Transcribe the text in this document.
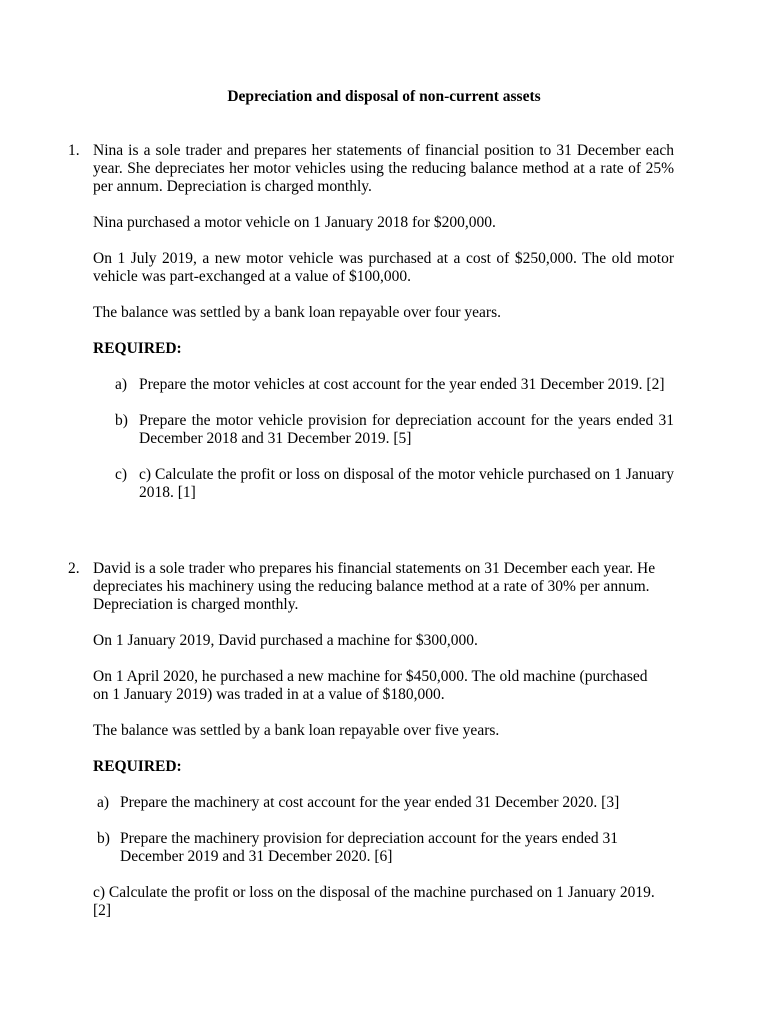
Depreciation and disposal of non-current assets
1. Nina is a sole trader and prepares her statements of financial position to 31 December each year. She depreciates her motor vehicles using the reducing balance method at a rate of 25% per annum. Depreciation is charged monthly.

Nina purchased a motor vehicle on 1 January 2018 for $200,000.

On 1 July 2019, a new motor vehicle was purchased at a cost of $250,000. The old motor vehicle was part-exchanged at a value of $100,000.

The balance was settled by a bank loan repayable over four years.

REQUIRED:

a) Prepare the motor vehicles at cost account for the year ended 31 December 2019. [2]
b) Prepare the motor vehicle provision for depreciation account for the years ended 31 December 2018 and 31 December 2019. [5]
c) c) Calculate the profit or loss on disposal of the motor vehicle purchased on 1 January 2018. [1]
2. David is a sole trader who prepares his financial statements on 31 December each year. He depreciates his machinery using the reducing balance method at a rate of 30% per annum. Depreciation is charged monthly.

On 1 January 2019, David purchased a machine for $300,000.

On 1 April 2020, he purchased a new machine for $450,000. The old machine (purchased on 1 January 2019) was traded in at a value of $180,000.

The balance was settled by a bank loan repayable over five years.

REQUIRED:

a) Prepare the machinery at cost account for the year ended 31 December 2020. [3]
b) Prepare the machinery provision for depreciation account for the years ended 31 December 2019 and 31 December 2020. [6]

c) Calculate the profit or loss on the disposal of the machine purchased on 1 January 2019. [2]
